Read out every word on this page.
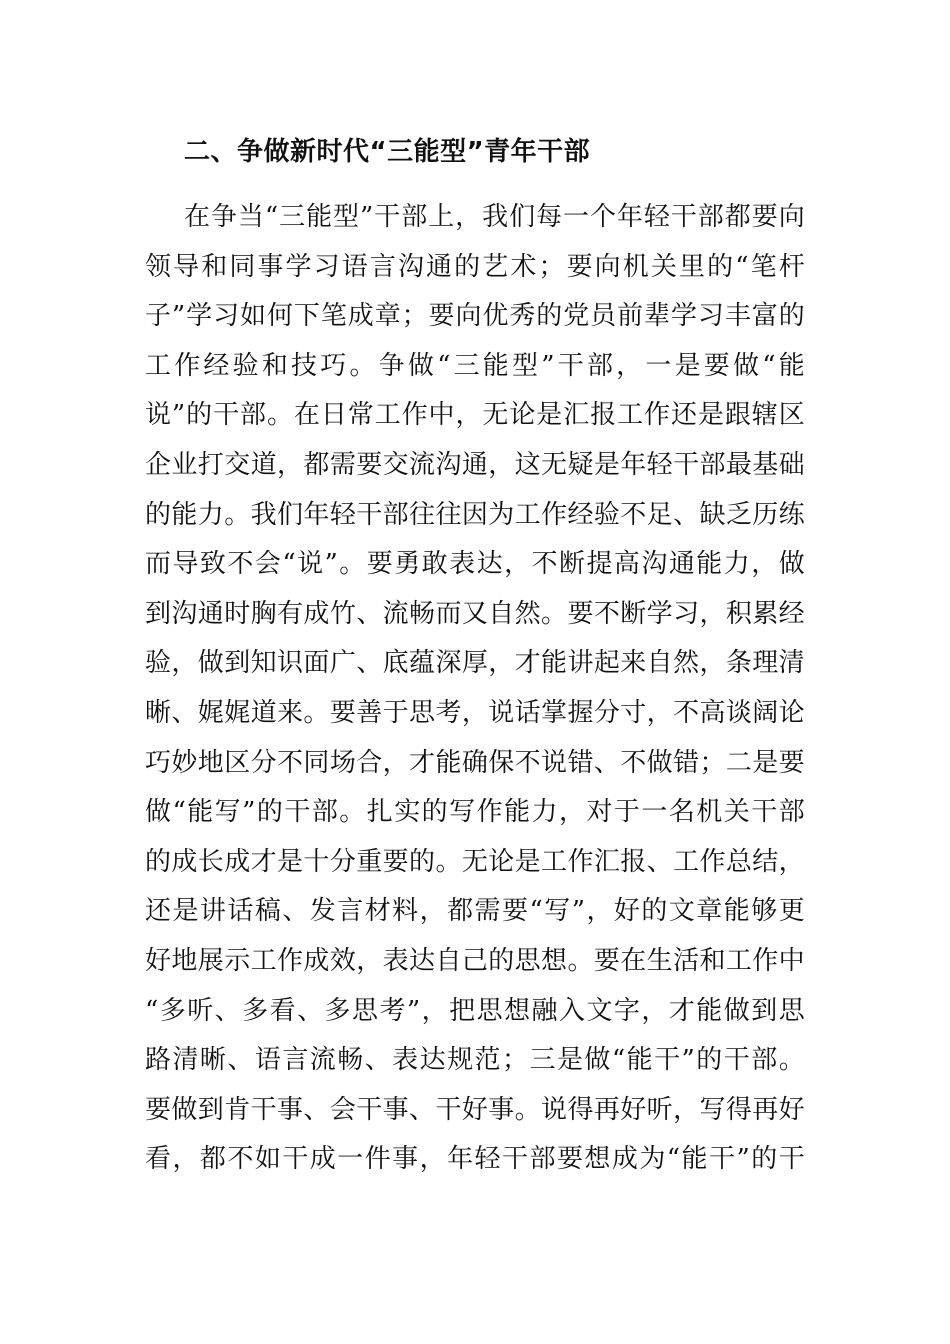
二、争做新时代“三能型”青年干部
在争当“三能型”干部上，我们每一个年轻干部都要向
领导和同事学习语言沟通的艺术；要向机关里的“笔杆
子”学习如何下笔成章；要向优秀的党员前辈学习丰富的
工作经验和技巧。争做“三能型”干部，一是要做“能
说”的干部。在日常工作中，无论是汇报工作还是跟辖区
企业打交道，都需要交流沟通，这无疑是年轻干部最基础
的能力。我们年轻干部往往因为工作经验不足、缺乏历练
而导致不会“说”。要勇敢表达，不断提高沟通能力，做
到沟通时胸有成竹、流畅而又自然。要不断学习，积累经
验，做到知识面广、底蕴深厚，才能讲起来自然，条理清
晰、娓娓道来。要善于思考，说话掌握分寸，不高谈阔论
巧妙地区分不同场合，才能确保不说错、不做错；二是要
做“能写”的干部。扎实的写作能力，对于一名机关干部
的成长成才是十分重要的。无论是工作汇报、工作总结，
还是讲话稿、发言材料，都需要“写”，好的文章能够更
好地展示工作成效，表达自己的思想。要在生活和工作中
“多听、多看、多思考”，把思想融入文字，才能做到思
路清晰、语言流畅、表达规范；三是做“能干”的干部。
要做到肯干事、会干事、干好事。说得再好听，写得再好
看，都不如干成一件事，年轻干部要想成为“能干”的干
